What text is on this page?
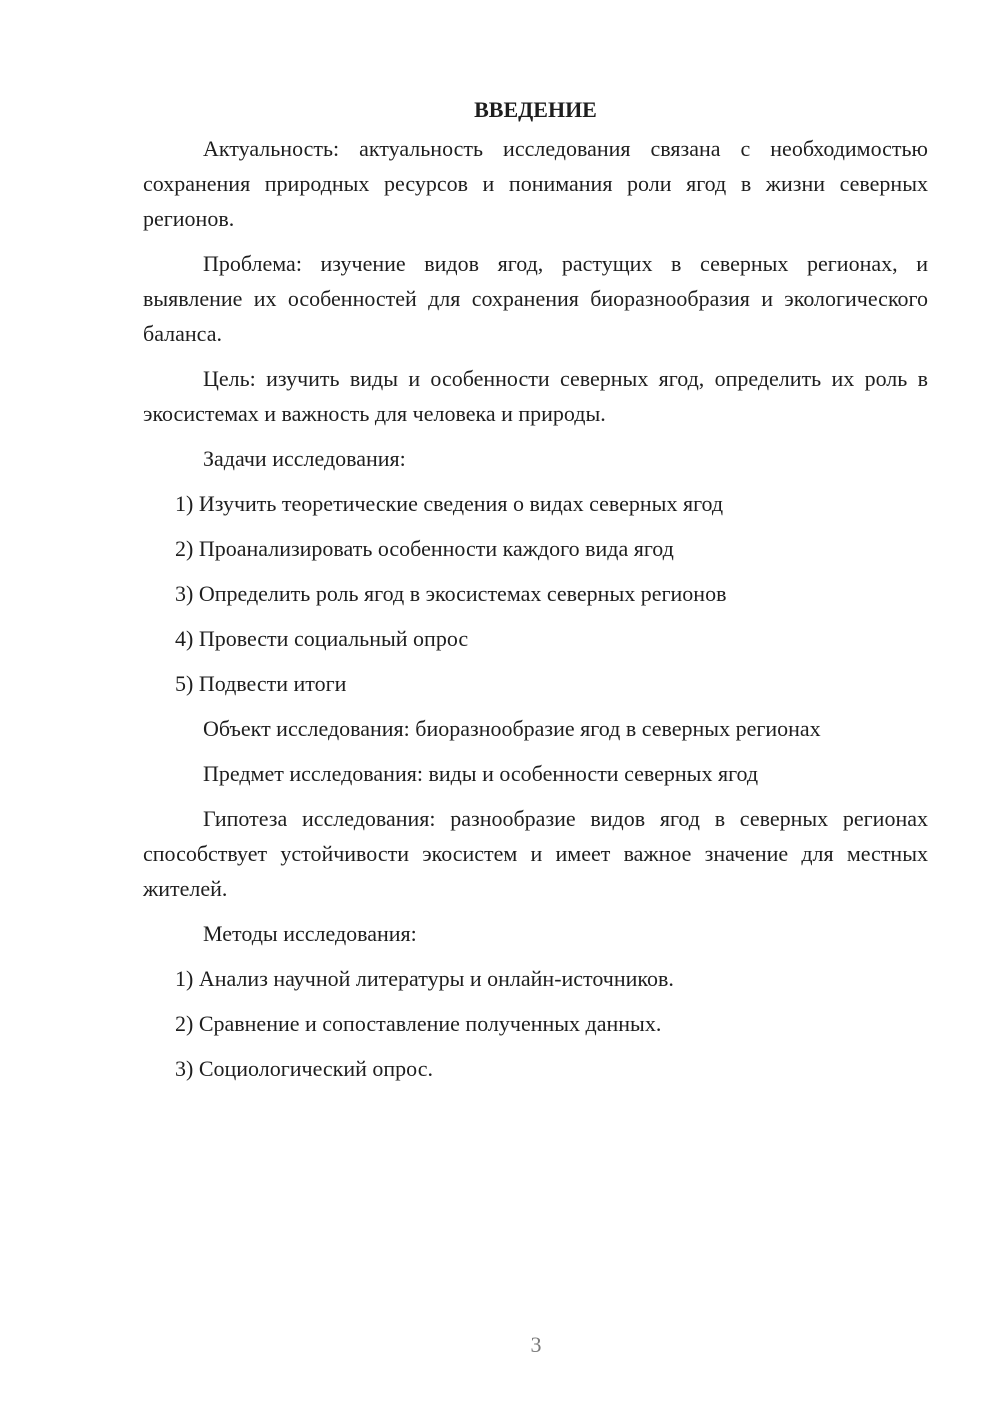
ВВЕДЕНИЕ

Актуальность: актуальность исследования связана с необходимостью сохранения природных ресурсов и понимания роли ягод в жизни северных регионов.

Проблема: изучение видов ягод, растущих в северных регионах, и выявление их особенностей для сохранения биоразнообразия и экологического баланса.

Цель: изучить виды и особенности северных ягод, определить их роль в экосистемах и важность для человека и природы.

Задачи исследования:

1) Изучить теоретические сведения о видах северных ягод

2) Проанализировать особенности каждого вида ягод

3) Определить роль ягод в экосистемах северных регионов

4) Провести социальный опрос

5) Подвести итоги

Объект исследования: биоразнообразие ягод в северных регионах

Предмет исследования: виды и особенности северных ягод

Гипотеза исследования: разнообразие видов ягод в северных регионах способствует устойчивости экосистем и имеет важное значение для местных жителей.

Методы исследования:

1) Анализ научной литературы и онлайн-источников.

2) Сравнение и сопоставление полученных данных.

3) Социологический опрос.

3
